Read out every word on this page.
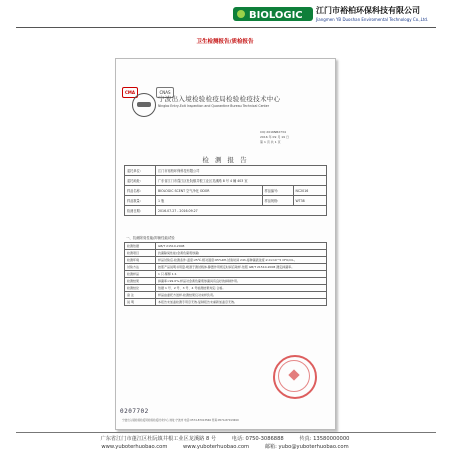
BIOLOGIC 江门市裕柏环保科技有限公司
Jiangmen YB Duoshan Enviromental Technology Co.,Ltd.
卫生检测报告/质检报告
CMA	CNAS
宁波出入境检验检疫局检验检疫技术中心
Ningbo Entry-Exit Inspection and Quarantine Bureau Technical Center
CIQ 2016NB2734
2016 年 09 月 19 日
第 1 页 共 1 页
检 测 报 告
委托单位:	江门市裕柏环保科技有限公司		
委托地址:	广东省江门市蓬江区杜阮镇井根工业区龙溪路 8 号 4 幢 403 室		
样品名称:	BIOLOGIC SCENT 空气净化 ODOR	样品编号:	NC2016
样品数量:	1 瓶	样品规格:	WT38
检测日期:	2016.07.27 - 2016.09.27		
一、抗菌除臭性能/抑菌性能试验
检测依据	GB/T 21510-2008
检测项目	抗菌除臭性能(金黄色葡萄球菌)
检测环境	样品试验后,检测条件:温度:25℃,相对湿度:65%RH,试验时间 24h,接种菌液浓度:2.0×10^5 CFU/mL。
试验方法	按照产品说明书用量,喷洒于测试载体,静置作用规定时间后取样,依照 GB/T 21510-2008 测定抑菌率。
检测样品	1 只,稀释 1:1
检测结果	抑菌率>99.0%,样品对金黄色葡萄球菌具有良好的抑制作用。
检测结论	依据 1 号、2 号、3 号、4 号检测结果判定:合格。
备 注	样品由委托方送样,检测结果仅对来样负责。
说 明	本报告未加盖检测专用章无效,复制报告未重新加盖章无效。
0207702
宁波出入境检验检疫局检验检疫技术中心 地址:宁波市 电话:0574-87013566 传真:0574-87013699
广东省江门市蓬江区杜阮镇井根工业区龙溪路 8 号	电话: 0750-3086888	传真: 13580000000
www.yuboterhuobao.com	www.yuboterhuobao.com	邮箱: yubo@yuboterhuobao.com
